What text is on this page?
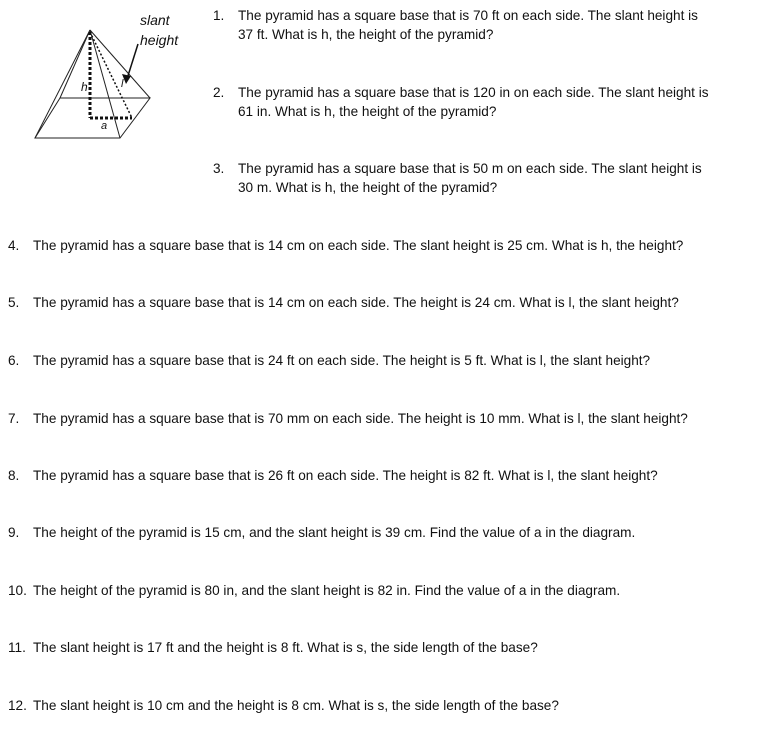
slant
height
h	l
a
1. The pyramid has a square base that is 70 ft on each side. The slant height is
37 ft. What is h, the height of the pyramid?
2. The pyramid has a square base that is 120 in on each side. The slant height is
61 in. What is h, the height of the pyramid?
3. The pyramid has a square base that is 50 m on each side. The slant height is
30 m. What is h, the height of the pyramid?
4. The pyramid has a square base that is 14 cm on each side. The slant height is 25 cm. What is h, the height?
5. The pyramid has a square base that is 14 cm on each side. The height is 24 cm. What is l, the slant height?
6. The pyramid has a square base that is 24 ft on each side. The height is 5 ft. What is l, the slant height?
7. The pyramid has a square base that is 70 mm on each side. The height is 10 mm. What is l, the slant height?
8. The pyramid has a square base that is 26 ft on each side. The height is 82 ft. What is l, the slant height?
9. The height of the pyramid is 15 cm, and the slant height is 39 cm. Find the value of a in the diagram.
10. The height of the pyramid is 80 in, and the slant height is 82 in. Find the value of a in the diagram.
11. The slant height is 17 ft and the height is 8 ft. What is s, the side length of the base?
12. The slant height is 10 cm and the height is 8 cm. What is s, the side length of the base?
